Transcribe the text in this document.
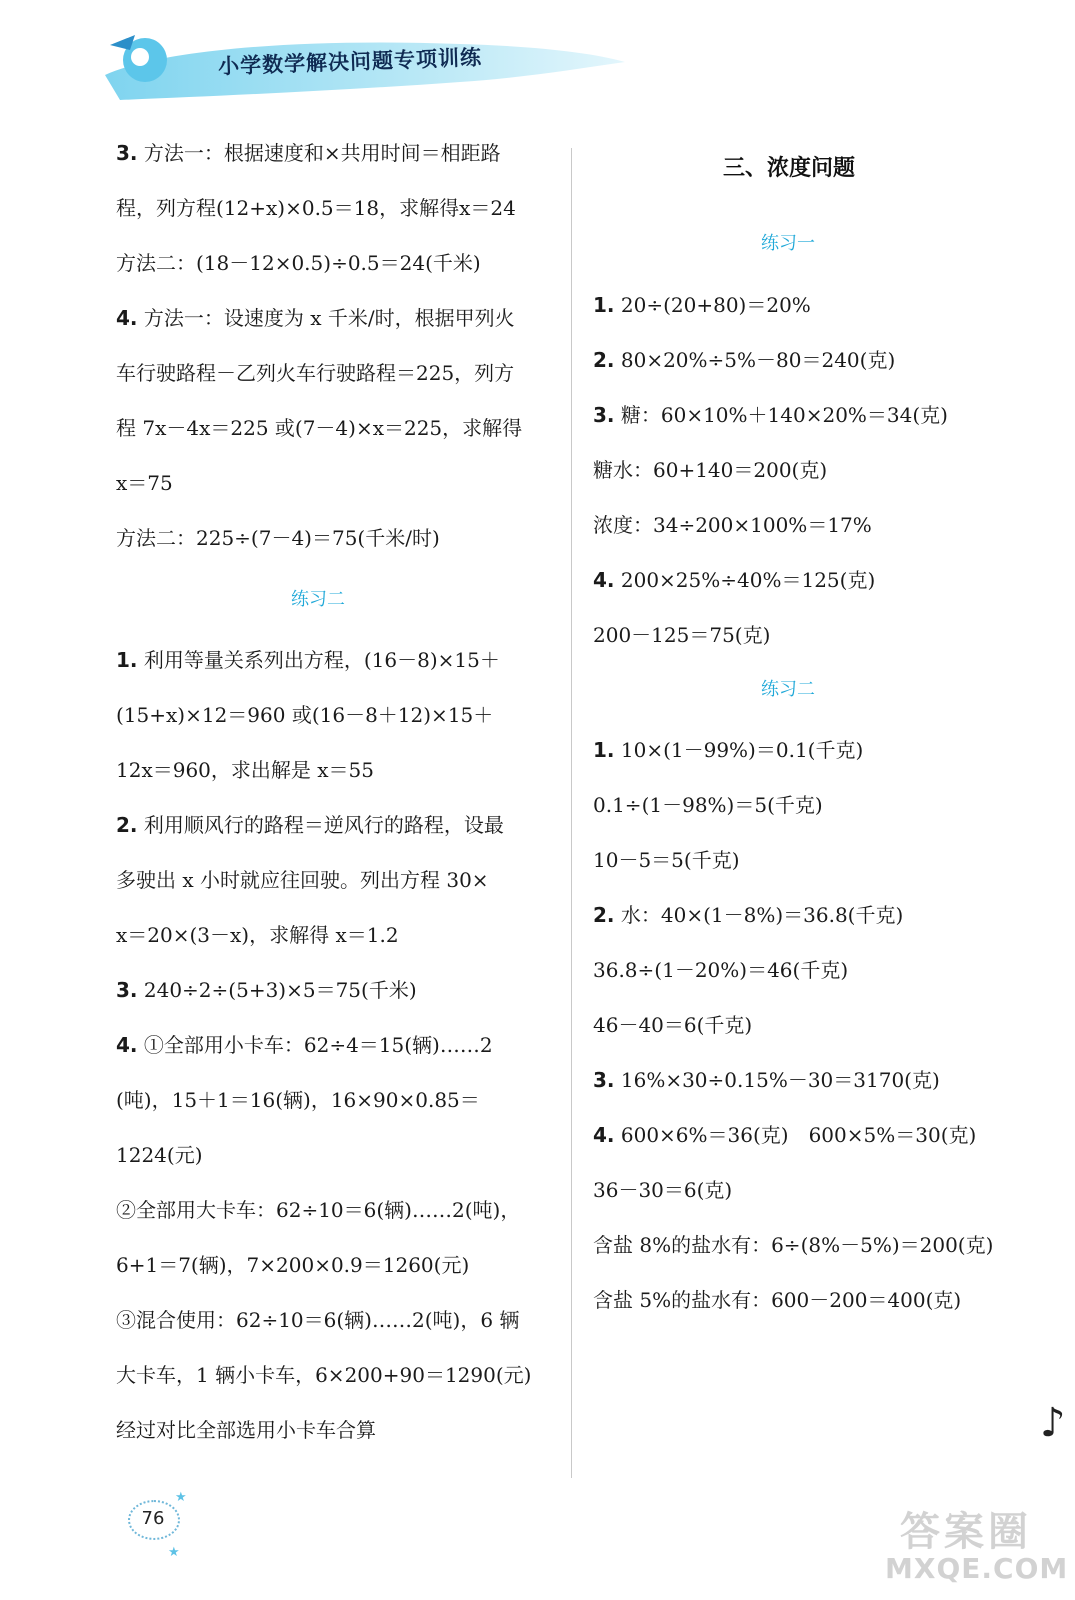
小学数学解决问题专项训练
3. 方法一：根据速度和×共用时间＝相距路
程，列方程(12+x)×0.5＝18，求解得x＝24
方法二：(18－12×0.5)÷0.5＝24(千米)
4. 方法一：设速度为 x 千米/时，根据甲列火
车行驶路程－乙列火车行驶路程＝225，列方
程 7x－4x＝225 或(7－4)×x＝225，求解得
x＝75
方法二：225÷(7－4)＝75(千米/时)
练习二
1. 利用等量关系列出方程，(16－8)×15＋
(15+x)×12＝960 或(16－8＋12)×15＋
12x＝960，求出解是 x＝55
2. 利用顺风行的路程＝逆风行的路程，设最
多驶出 x 小时就应往回驶。列出方程 30×
x＝20×(3－x)，求解得 x＝1.2
3. 240÷2÷(5+3)×5＝75(千米)
4. ①全部用小卡车：62÷4＝15(辆)……2
(吨)，15＋1＝16(辆)，16×90×0.85＝
1224(元)
②全部用大卡车：62÷10＝6(辆)……2(吨)，
6+1＝7(辆)，7×200×0.9＝1260(元)
③混合使用：62÷10＝6(辆)……2(吨)，6 辆
大卡车，1 辆小卡车，6×200+90＝1290(元)
经过对比全部选用小卡车合算
三、浓度问题
练习一
1. 20÷(20+80)＝20%
2. 80×20%÷5%－80＝240(克)
3. 糖：60×10%＋140×20%＝34(克)
糖水：60+140＝200(克)
浓度：34÷200×100%＝17%
4. 200×25%÷40%＝125(克)
200－125＝75(克)
练习二
1. 10×(1－99%)＝0.1(千克)
0.1÷(1－98%)＝5(千克)
10－5＝5(千克)
2. 水：40×(1－8%)＝36.8(千克)
36.8÷(1－20%)＝46(千克)
46－40＝6(千克)
3. 16%×30÷0.15%－30＝3170(克)
4. 600×6%＝36(克)　600×5%＝30(克)
36－30＝6(克)
含盐 8%的盐水有：6÷(8%－5%)＝200(克)
含盐 5%的盐水有：600－200＝400(克)
76
★
★
♪
答案圈
MXQE.COM
